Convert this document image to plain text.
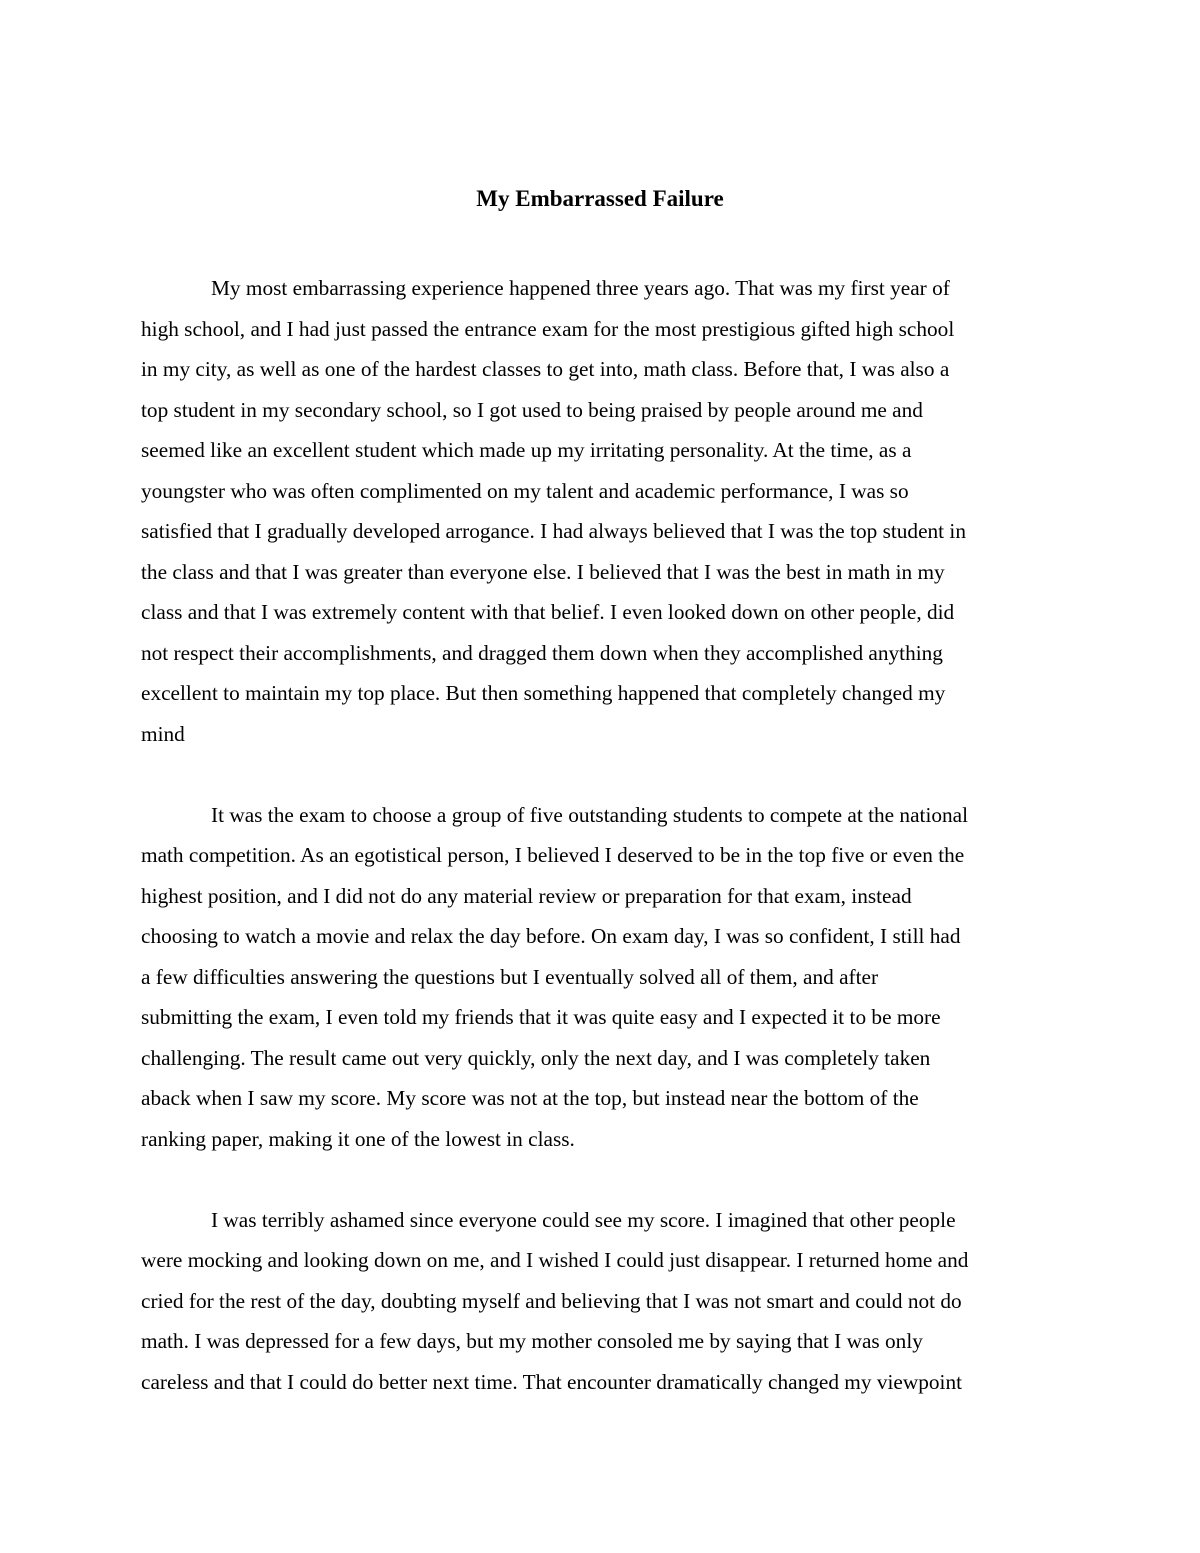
My Embarrassed Failure

My most embarrassing experience happened three years ago. That was my first year of
high school, and I had just passed the entrance exam for the most prestigious gifted high school
in my city, as well as one of the hardest classes to get into, math class. Before that, I was also a
top student in my secondary school, so I got used to being praised by people around me and
seemed like an excellent student which made up my irritating personality. At the time, as a
youngster who was often complimented on my talent and academic performance, I was so
satisfied that I gradually developed arrogance. I had always believed that I was the top student in
the class and that I was greater than everyone else. I believed that I was the best in math in my
class and that I was extremely content with that belief. I even looked down on other people, did
not respect their accomplishments, and dragged them down when they accomplished anything
excellent to maintain my top place. But then something happened that completely changed my
mind

It was the exam to choose a group of five outstanding students to compete at the national
math competition. As an egotistical person, I believed I deserved to be in the top five or even the
highest position, and I did not do any material review or preparation for that exam, instead
choosing to watch a movie and relax the day before. On exam day, I was so confident, I still had
a few difficulties answering the questions but I eventually solved all of them, and after
submitting the exam, I even told my friends that it was quite easy and I expected it to be more
challenging. The result came out very quickly, only the next day, and I was completely taken
aback when I saw my score. My score was not at the top, but instead near the bottom of the
ranking paper, making it one of the lowest in class.

I was terribly ashamed since everyone could see my score. I imagined that other people
were mocking and looking down on me, and I wished I could just disappear. I returned home and
cried for the rest of the day, doubting myself and believing that I was not smart and could not do
math. I was depressed for a few days, but my mother consoled me by saying that I was only
careless and that I could do better next time. That encounter dramatically changed my viewpoint
